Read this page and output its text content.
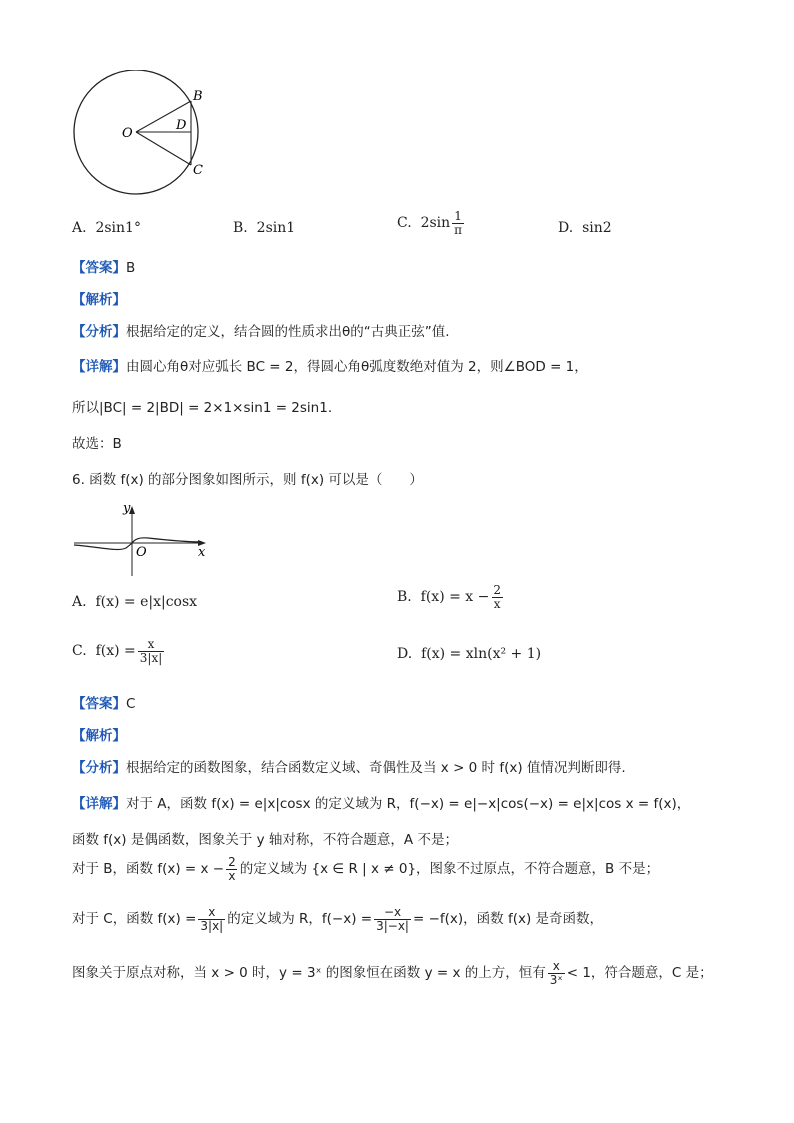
O
B
D
C
A. 2sin1°	B. 2sin1	C. $2\sin \frac{1}{\pi}$	D. sin2
【答案】B
【解析】
【分析】根据给定的定义，结合圆的性质求出θ的“古典正弦”值.
【详解】由圆心角θ对应弧长 BC = 2，得圆心角θ弧度数绝对值为 2，则∠BOD = 1，
所以|BC| = 2|BD| = 2×1×sin1 = 2sin1.
故选：B
6. 函数 f(x) 的部分图象如图所示，则 f(x) 可以是（　　）
y
O	x
A. f(x) = e|x|cosx	B. $f(x) = x - \frac{2}{x}$
C. $f(x) = \frac{x}{3|x|}$	D. f(x) = xln(x² + 1)
【答案】C
【解析】
【分析】根据给定的函数图象，结合函数定义域、奇偶性及当 x > 0 时 f(x) 值情况判断即得.
【详解】对于 A，函数 f(x) = e|x|cosx 的定义域为 R，f(−x) = e|−x|cos(−x) = e|x|cos x = f(x)，
函数 f(x) 是偶函数，图象关于 y 轴对称，不符合题意，A 不是；
对于 B，函数 $f(x) = x - \frac{2}{x}$ 的定义域为 {x ∈ R | x ≠ 0}，图象不过原点，不符合题意，B 不是；
对于 C，函数 $f(x) = \frac{x}{3|x|}$ 的定义域为 R，$f(-x) = \frac{-x}{3|-x|} = -f(x)$，函数 f(x) 是奇函数，
图象关于原点对称，当 x > 0 时，y = 3ˣ 的图象恒在函数 y = x 的上方，恒有 $\frac{x}{\text{3ˣ}} < 1$，符合题意，C 是；
